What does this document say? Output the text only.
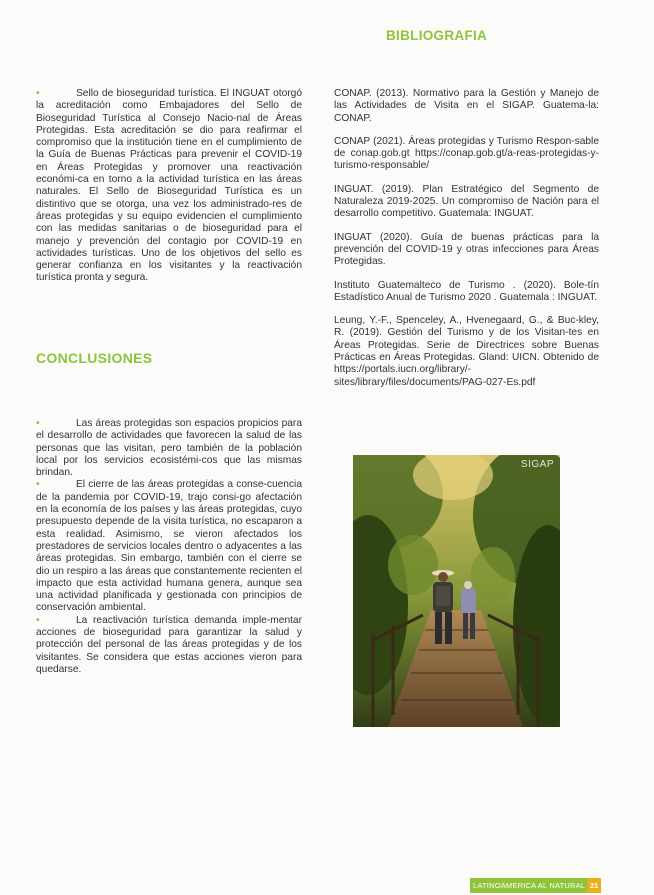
BIBLIOGRAFIA

•	Sello de bioseguridad turística. El INGUAT otorgó la acreditación como Embajadores del Sello de Bioseguridad Turística al Consejo Nacio-nal de Áreas Protegidas. Esta acreditación se dio para reafirmar el compromiso que la institución tiene en el cumplimiento de la Guía de Buenas Prácticas para prevenir el COVID-19 en Áreas Protegidas y promover una reactivación económi-ca en torno a la actividad turística en las áreas naturales. El Sello de Bioseguridad Turística es un distintivo que se otorga, una vez los administrado-res de áreas protegidas y su equipo evidencien el cumplimiento con las medidas sanitarias o de bioseguridad para el manejo y prevención del contagio por COVID-19 en actividades turísticas. Uno de los objetivos del sello es generar confianza en los visitantes y la reactivación turística pronta y segura.

CONCLUSIONES

•	Las áreas protegidas son espacios propicios para el desarrollo de actividades que favorecen la salud de las personas que las visitan, pero también de la población local por los servicios ecosistémi-cos que las mismas brindan.

•	El cierre de las áreas protegidas a conse-cuencia de la pandemia por COVID-19, trajo consi-go afectación en la economía de los países y las áreas protegidas, cuyo presupuesto depende de la visita turística, no escaparon a esta realidad. Asimismo, se vieron afectados los prestadores de servicios locales dentro o adyacentes a las áreas protegidas. Sin embargo, también con el cierre se dio un respiro a las áreas que constantemente recienten el impacto que esta actividad humana genera, aunque sea una actividad planificada y gestionada con principios de conservación ambiental.

•	La reactivación turística demanda imple-mentar acciones de bioseguridad para garantizar la salud y protección del personal de las áreas protegidas y de los visitantes. Se considera que estas acciones vieron para quedarse.

CONAP. (2013). Normativo para la Gestión y Manejo de las Actividades de Visita en el SIGAP. Guatema-la: CONAP.

CONAP (2021). Áreas protegidas y Turismo Respon-sable de conap.gob.gt https://conap.gob.gt/a-reas-protegidas-y-turismo-responsable/

INGUAT. (2019). Plan Estratégico del Segmento de Naturaleza 2019-2025. Un compromiso de Nación para el desarrollo competitivo. Guatemala: INGUAT.

INGUAT (2020). Guía de buenas prácticas para la prevención del COVID-19 y otras infecciones para Áreas Protegidas.

Instituto Guatemalteco de Turismo . (2020). Bole-tín Estadístico Anual de Turismo 2020 . Guatemala : INGUAT.

Leung, Y.-F., Spenceley, A., Hvenegaard, G., & Buc-kley, R. (2019). Gestión del Turismo y de los Visitan-tes en Áreas Protegidas. Serie de Directrices sobre Buenas Prácticas en Áreas Protegidas. Gland: UICN. Obtenido de https://portals.iucn.org/library/-sites/library/files/documents/PAG-027-Es.pdf

SIGAP
LATINOAMERICA AL NATURAL 21
